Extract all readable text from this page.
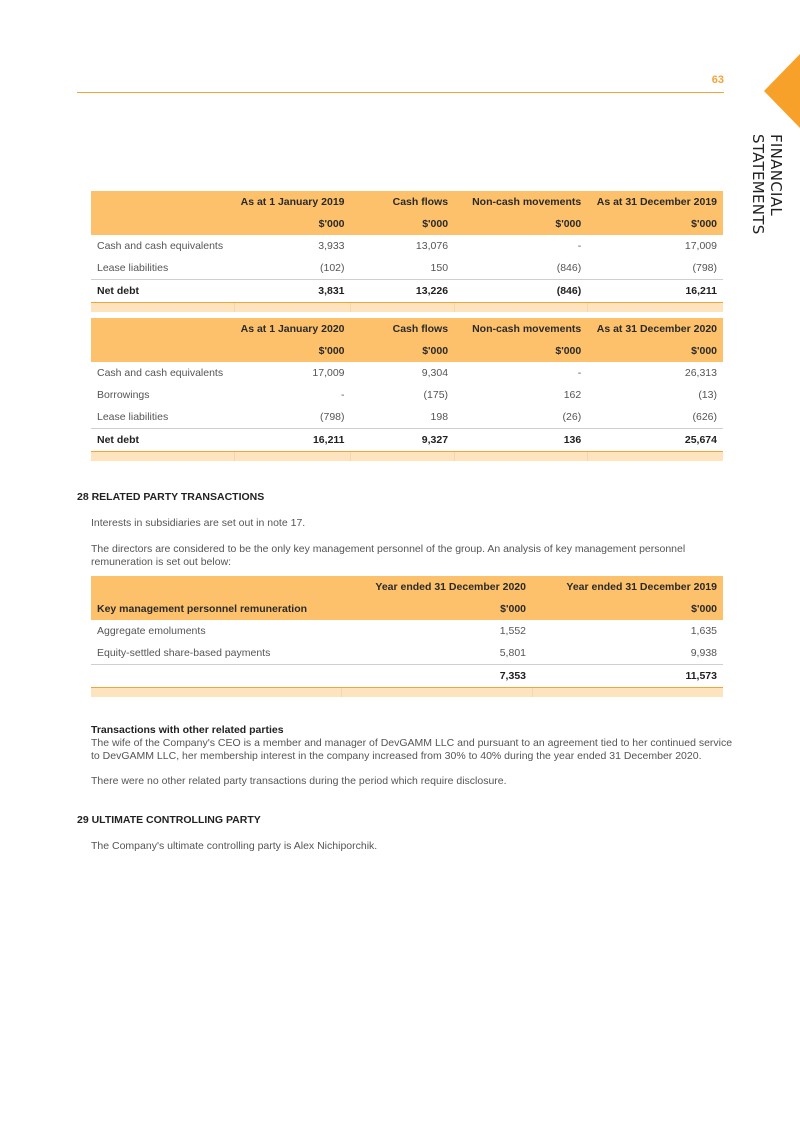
63
FINANCIAL STATEMENTS
	As at 1 January 2019	Cash flows	Non-cash movements	As at 31 December 2019
	$'000	$'000	$'000	$'000
Cash and cash equivalents	3,933	13,076	-	17,009
Lease liabilities	(102)	150	(846)	(798)
Net debt	3,831	13,226	(846)	16,211

	As at 1 January 2020	Cash flows	Non-cash movements	As at 31 December 2020
	$'000	$'000	$'000	$'000
Cash and cash equivalents	17,009	9,304	-	26,313
Borrowings	-	(175)	162	(13)
Lease liabilities	(798)	198	(26)	(626)
Net debt	16,211	9,327	136	25,674

28 RELATED PARTY TRANSACTIONS
Interests in subsidiaries are set out in note 17.
The directors are considered to be the only key management personnel of the group. An analysis of key management personnel remuneration is set out below:
	Year ended 31 December 2020	Year ended 31 December 2019
Key management personnel remuneration	$'000	$'000
Aggregate emoluments	1,552	1,635
Equity-settled share-based payments	5,801	9,938
	7,353	11,573

Transactions with other related parties
The wife of the Company's CEO is a member and manager of DevGAMM LLC and pursuant to an agreement tied to her continued service to DevGAMM LLC, her membership interest in the company increased from 30% to 40% during the year ended 31 December 2020.
There were no other related party transactions during the period which require disclosure.
29 ULTIMATE CONTROLLING PARTY
The Company's ultimate controlling party is Alex Nichiporchik.
